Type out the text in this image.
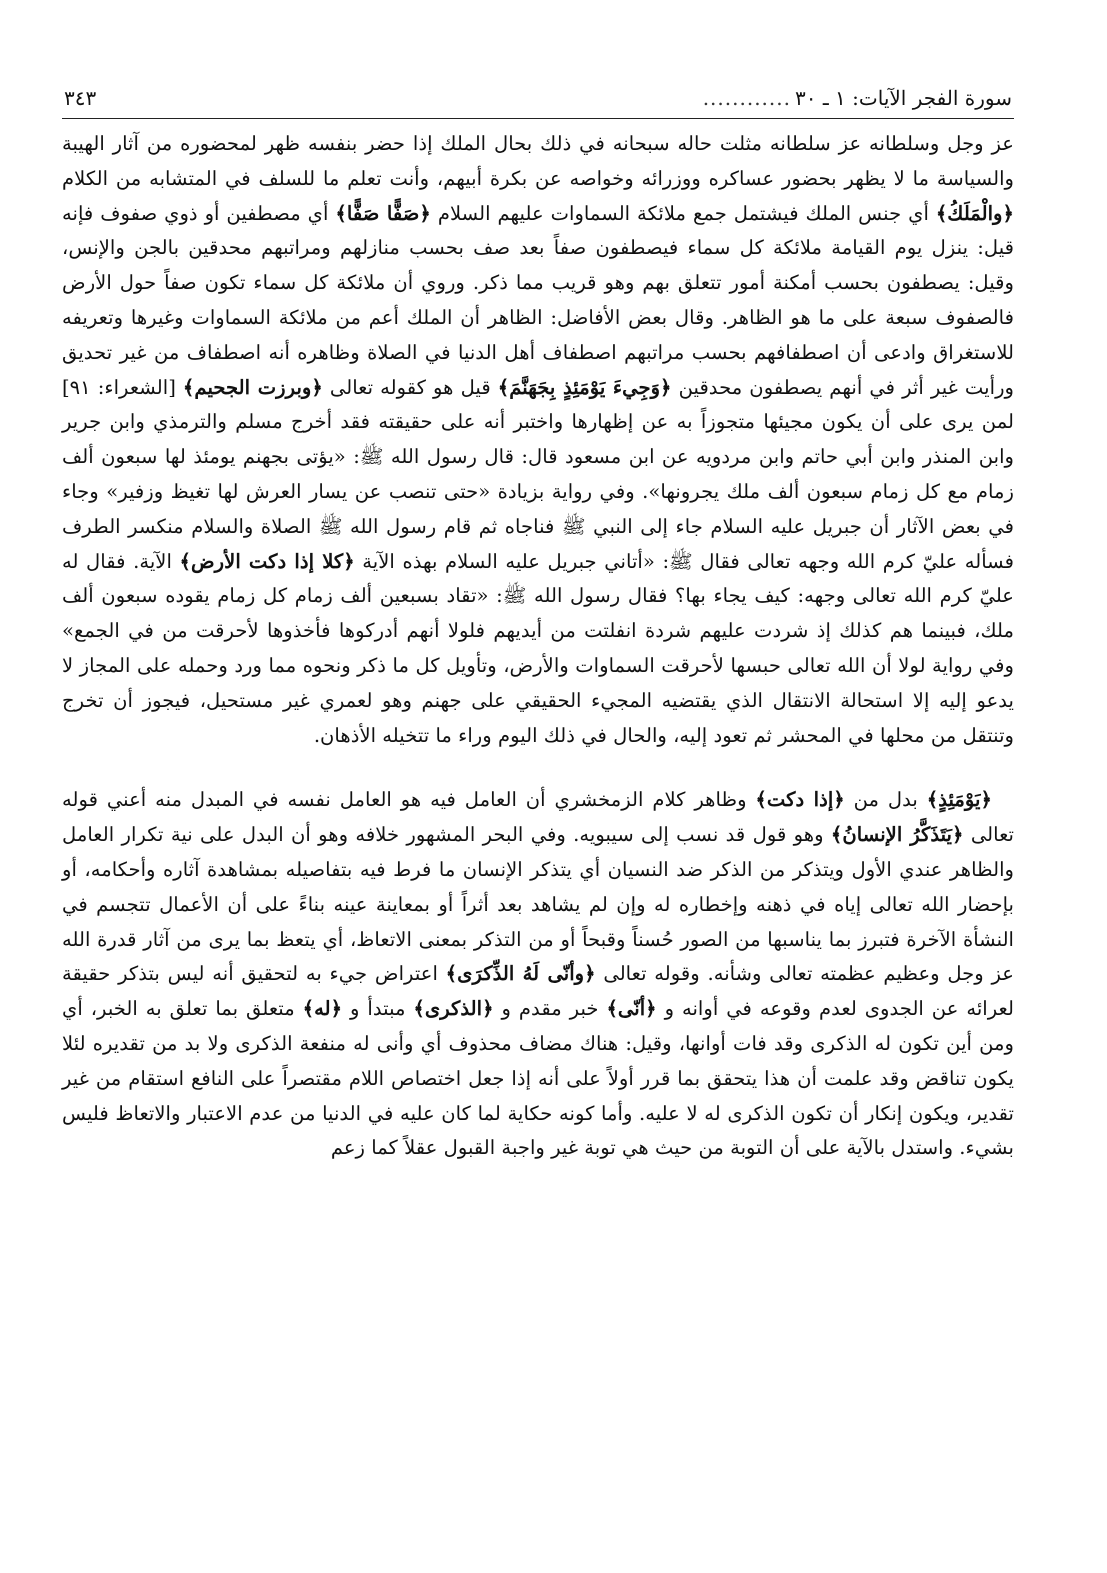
سورة الفجر الآيات: ١ ـ ٣٠
............
٣٤٣

عز وجل وسلطانه عز سلطانه مثلت حاله سبحانه في ذلك بحال الملك إذا حضر بنفسه ظهر لمحضوره من آثار الهيبة والسياسة ما لا يظهر بحضور عساكره ووزرائه وخواصه عن بكرة أبيهم، وأنت تعلم ما للسلف في المتشابه من الكلام ﴿والْمَلَكُ﴾ أي جنس الملك فيشتمل جمع ملائكة السماوات عليهم السلام ﴿صَفًّا صَفًّا﴾ أي مصطفين أو ذوي صفوف فإنه قيل: ينزل يوم القيامة ملائكة كل سماء فيصطفون صفاً بعد صف بحسب منازلهم ومراتبهم محدقين بالجن والإنس، وقيل: يصطفون بحسب أمكنة أمور تتعلق بهم وهو قريب مما ذكر. وروي أن ملائكة كل سماء تكون صفاً حول الأرض فالصفوف سبعة على ما هو الظاهر. وقال بعض الأفاضل: الظاهر أن الملك أعم من ملائكة السماوات وغيرها وتعريفه للاستغراق وادعى أن اصطفافهم بحسب مراتبهم اصطفاف أهل الدنيا في الصلاة وظاهره أنه اصطفاف من غير تحديق ورأيت غير أثر في أنهم يصطفون محدقين ﴿وَجِيءَ يَوْمَئِذٍ بِجَهَنَّمَ﴾ قيل هو كقوله تعالى ﴿وبرزت الجحيم﴾ [الشعراء: ٩١] لمن يرى على أن يكون مجيئها متجوزاً به عن إظهارها واختبر أنه على حقيقته فقد أخرج مسلم والترمذي وابن جرير وابن المنذر وابن أبي حاتم وابن مردويه عن ابن مسعود قال: قال رسول الله ﷺ: «يؤتى بجهنم يومئذ لها سبعون ألف زمام مع كل زمام سبعون ألف ملك يجرونها». وفي رواية بزيادة «حتى تنصب عن يسار العرش لها تغيظ وزفير» وجاء في بعض الآثار أن جبريل عليه السلام جاء إلى النبي ﷺ فناجاه ثم قام رسول الله ﷺ الصلاة والسلام منكسر الطرف فسأله عليّ كرم الله وجهه تعالى فقال ﷺ: «أتاني جبريل عليه السلام بهذه الآية ﴿كلا إذا دكت الأرض﴾ الآية. فقال له عليّ كرم الله تعالى وجهه: كيف يجاء بها؟ فقال رسول الله ﷺ: «تقاد بسبعين ألف زمام كل زمام يقوده سبعون ألف ملك، فبينما هم كذلك إذ شردت عليهم شردة انفلتت من أيديهم فلولا أنهم أدركوها فأخذوها لأحرقت من في الجمع» وفي رواية لولا أن الله تعالى حبسها لأحرقت السماوات والأرض، وتأويل كل ما ذكر ونحوه مما ورد وحمله على المجاز لا يدعو إليه إلا استحالة الانتقال الذي يقتضيه المجيء الحقيقي على جهنم وهو لعمري غير مستحيل، فيجوز أن تخرج وتنتقل من محلها في المحشر ثم تعود إليه، والحال في ذلك اليوم وراء ما تتخيله الأذهان.

﴿يَوْمَئِذٍ﴾ بدل من ﴿إذا دكت﴾ وظاهر كلام الزمخشري أن العامل فيه هو العامل نفسه في المبدل منه أعني قوله تعالى ﴿يَتَذَكَّرُ الإنسانُ﴾ وهو قول قد نسب إلى سيبويه. وفي البحر المشهور خلافه وهو أن البدل على نية تكرار العامل والظاهر عندي الأول ويتذكر من الذكر ضد النسيان أي يتذكر الإنسان ما فرط فيه بتفاصيله بمشاهدة آثاره وأحكامه، أو بإحضار الله تعالى إياه في ذهنه وإخطاره له وإن لم يشاهد بعد أثراً أو بمعاينة عينه بناءً على أن الأعمال تتجسم في النشأة الآخرة فتبرز بما يناسبها من الصور حُسناً وقبحاً أو من التذكر بمعنى الاتعاظ، أي يتعظ بما يرى من آثار قدرة الله عز وجل وعظيم عظمته تعالى وشأنه. وقوله تعالى ﴿وأنّى لَهُ الذِّكرَى﴾ اعتراض جيء به لتحقيق أنه ليس بتذكر حقيقة لعرائه عن الجدوى لعدم وقوعه في أوانه و ﴿أنّى﴾ خبر مقدم و ﴿الذكرى﴾ مبتدأ و ﴿له﴾ متعلق بما تعلق به الخبر، أي ومن أين تكون له الذكرى وقد فات أوانها، وقيل: هناك مضاف محذوف أي وأنى له منفعة الذكرى ولا بد من تقديره لئلا يكون تناقض وقد علمت أن هذا يتحقق بما قرر أولاً على أنه إذا جعل اختصاص اللام مقتصراً على النافع استقام من غير تقدير، ويكون إنكار أن تكون الذكرى له لا عليه. وأما كونه حكاية لما كان عليه في الدنيا من عدم الاعتبار والاتعاظ فليس بشيء. واستدل بالآية على أن التوبة من حيث هي توبة غير واجبة القبول عقلاً كما زعم
